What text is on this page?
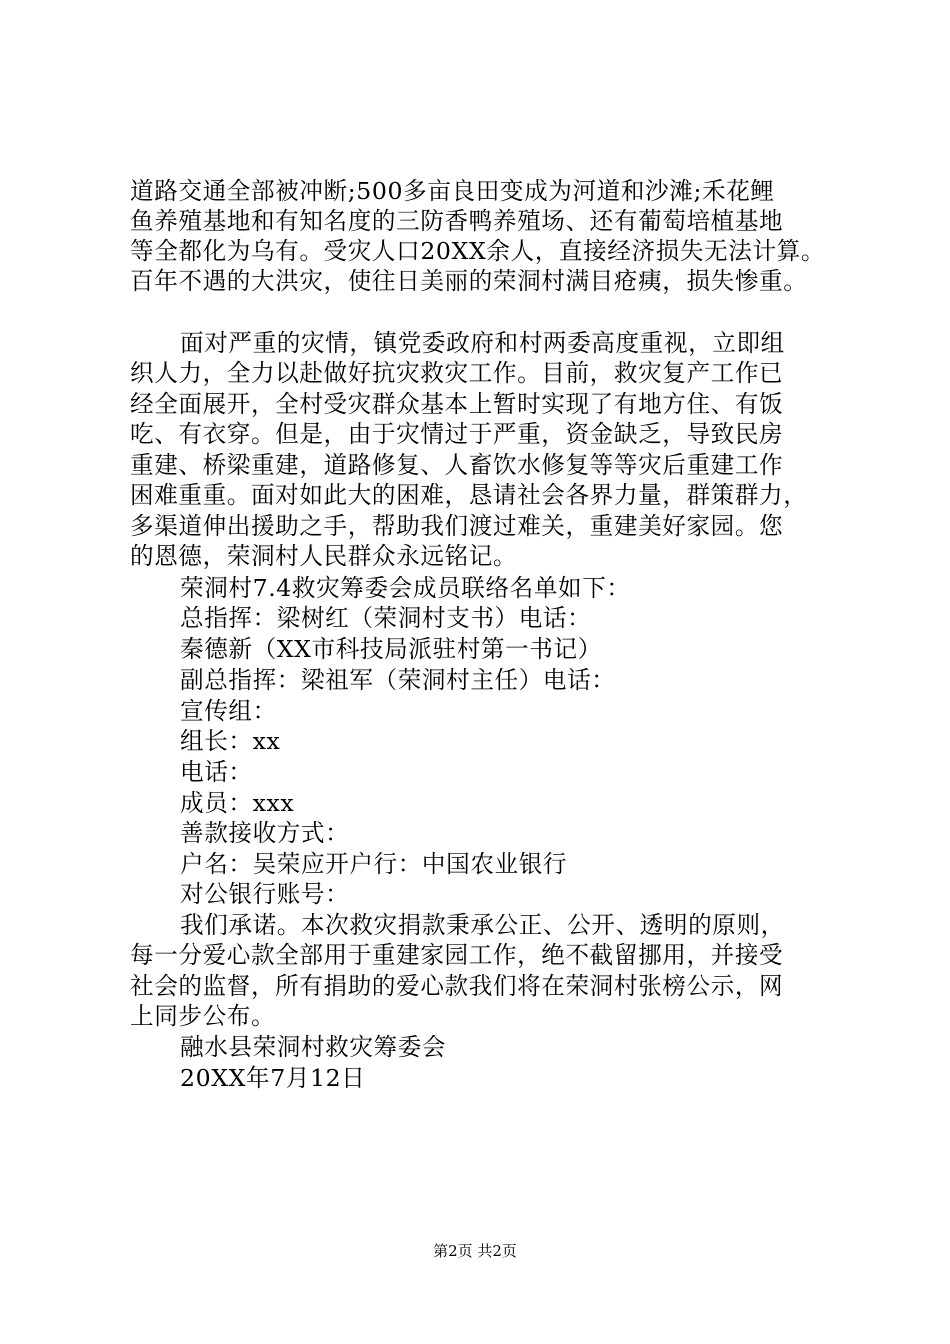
道路交通全部被冲断;500多亩良田变成为河道和沙滩;禾花鲤
鱼养殖基地和有知名度的三防香鸭养殖场、还有葡萄培植基地
等全都化为乌有。受灾人口20XX余人，直接经济损失无法计算。
百年不遇的大洪灾，使往日美丽的荣洞村满目疮痍，损失惨重。
面对严重的灾情，镇党委政府和村两委高度重视，立即组
织人力，全力以赴做好抗灾救灾工作。目前，救灾复产工作已
经全面展开，全村受灾群众基本上暂时实现了有地方住、有饭
吃、有衣穿。但是，由于灾情过于严重，资金缺乏，导致民房
重建、桥梁重建，道路修复、人畜饮水修复等等灾后重建工作
困难重重。面对如此大的困难，恳请社会各界力量，群策群力，
多渠道伸出援助之手，帮助我们渡过难关，重建美好家园。您
的恩德，荣洞村人民群众永远铭记。
荣洞村7.4救灾筹委会成员联络名单如下：
总指挥：梁树红（荣洞村支书）电话：
秦德新（XX市科技局派驻村第一书记）
副总指挥：梁祖军（荣洞村主任）电话：
宣传组：
组长：xx
电话：
成员：xxx
善款接收方式：
户名：吴荣应开户行：中国农业银行
对公银行账号：
我们承诺。本次救灾捐款秉承公正、公开、透明的原则，
每一分爱心款全部用于重建家园工作，绝不截留挪用，并接受
社会的监督，所有捐助的爱心款我们将在荣洞村张榜公示，网
上同步公布。
融水县荣洞村救灾筹委会
20XX年7月12日
第2页 共2页
